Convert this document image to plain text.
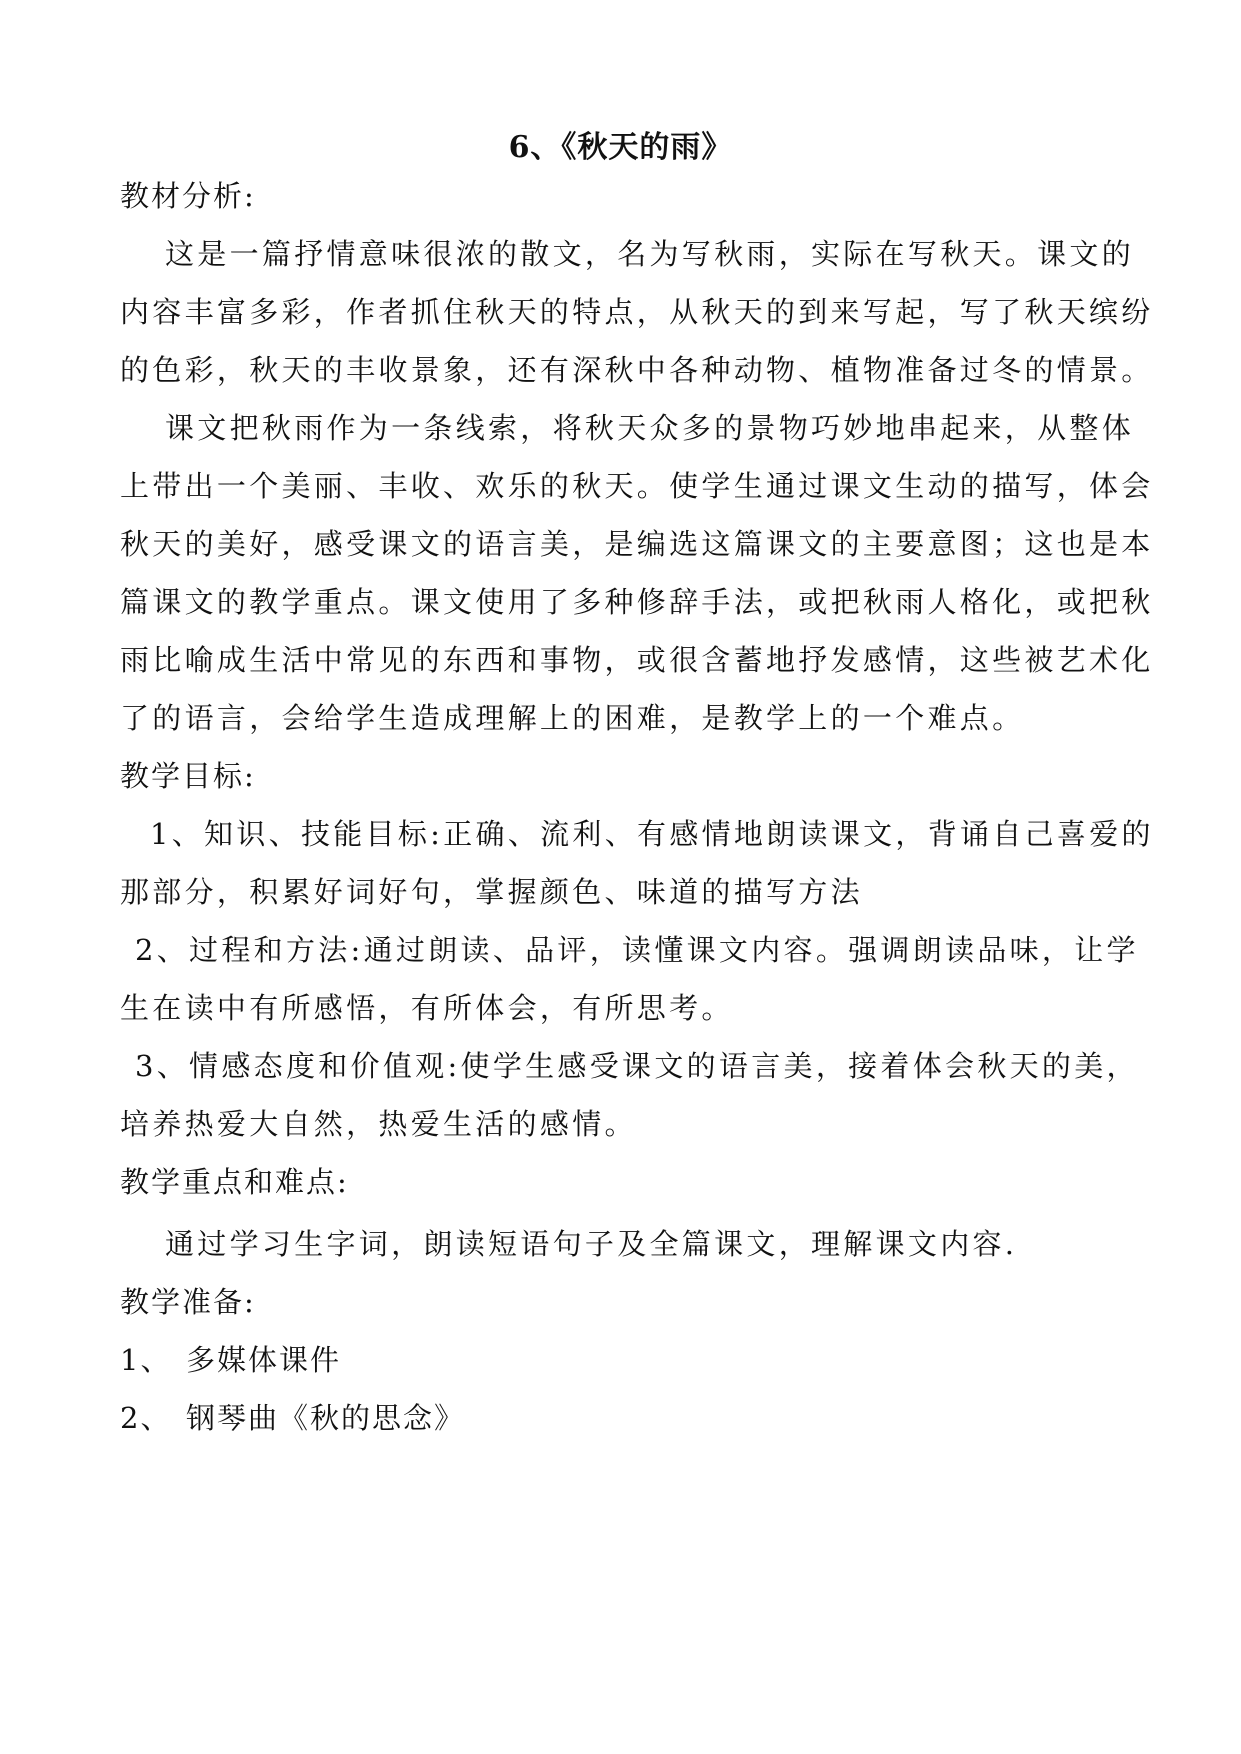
6、《秋天的雨》
教材分析:
这是一篇抒情意味很浓的散文，名为写秋雨，实际在写秋天。课文的
内容丰富多彩，作者抓住秋天的特点，从秋天的到来写起，写了秋天缤纷
的色彩，秋天的丰收景象，还有深秋中各种动物、植物准备过冬的情景。
课文把秋雨作为一条线索，将秋天众多的景物巧妙地串起来，从整体
上带出一个美丽、丰收、欢乐的秋天。使学生通过课文生动的描写，体会
秋天的美好，感受课文的语言美，是编选这篇课文的主要意图；这也是本
篇课文的教学重点。课文使用了多种修辞手法，或把秋雨人格化，或把秋
雨比喻成生活中常见的东西和事物，或很含蓄地抒发感情，这些被艺术化
了的语言，会给学生造成理解上的困难，是教学上的一个难点。
教学目标:
1、知识、技能目标:正确、流利、有感情地朗读课文，背诵自己喜爱的
那部分，积累好词好句，掌握颜色、味道的描写方法
2、过程和方法:通过朗读、品评，读懂课文内容。强调朗读品味，让学
生在读中有所感悟，有所体会，有所思考。
3、情感态度和价值观:使学生感受课文的语言美，接着体会秋天的美，
培养热爱大自然，热爱生活的感情。
教学重点和难点:
通过学习生字词，朗读短语句子及全篇课文，理解课文内容.
教学准备:
1、 多媒体课件
2、 钢琴曲《秋的思念》
